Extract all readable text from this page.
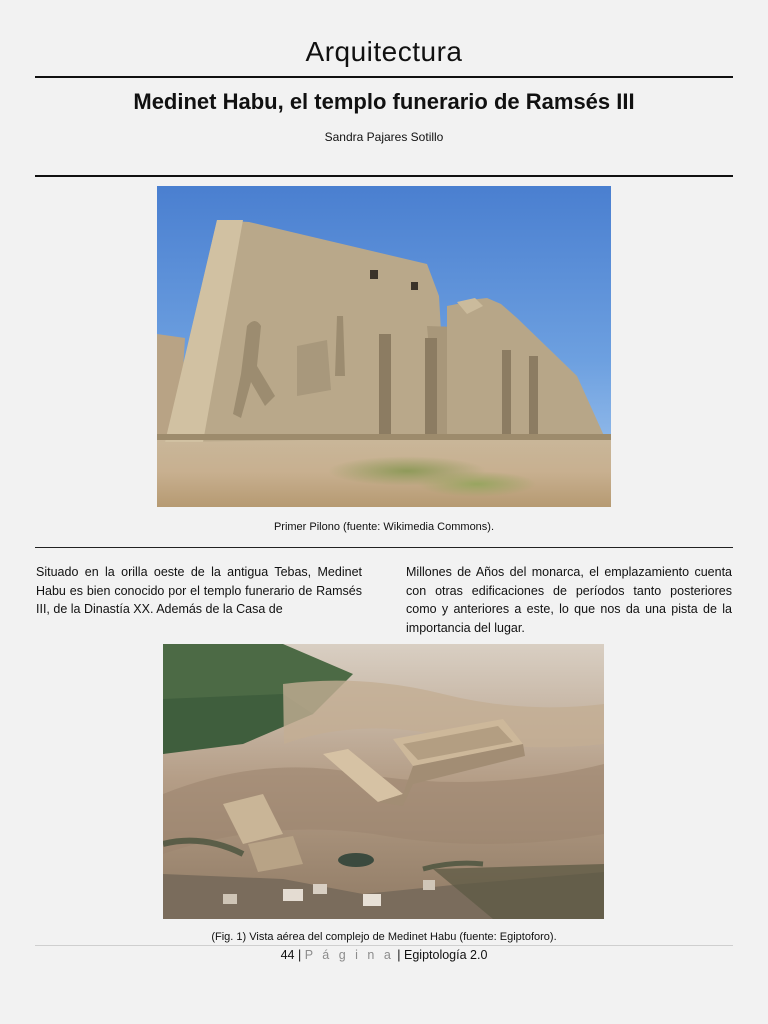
Arquitectura
Medinet Habu, el templo funerario de Ramsés III
Sandra Pajares Sotillo
Primer Pilono (fuente: Wikimedia Commons).
Situado en la orilla oeste de la antigua Tebas, Medinet Habu es bien conocido por el templo funerario de Ramsés III, de la Dinastía XX. Además de la Casa de
Millones de Años del monarca, el emplazamiento cuenta con otras edificaciones de períodos tanto posteriores como y anteriores a este, lo que nos da una pista de la importancia del lugar.
(Fig. 1) Vista aérea del complejo de Medinet Habu (fuente: Egiptoforo).
44 | P á g i n a | Egiptología 2.0
